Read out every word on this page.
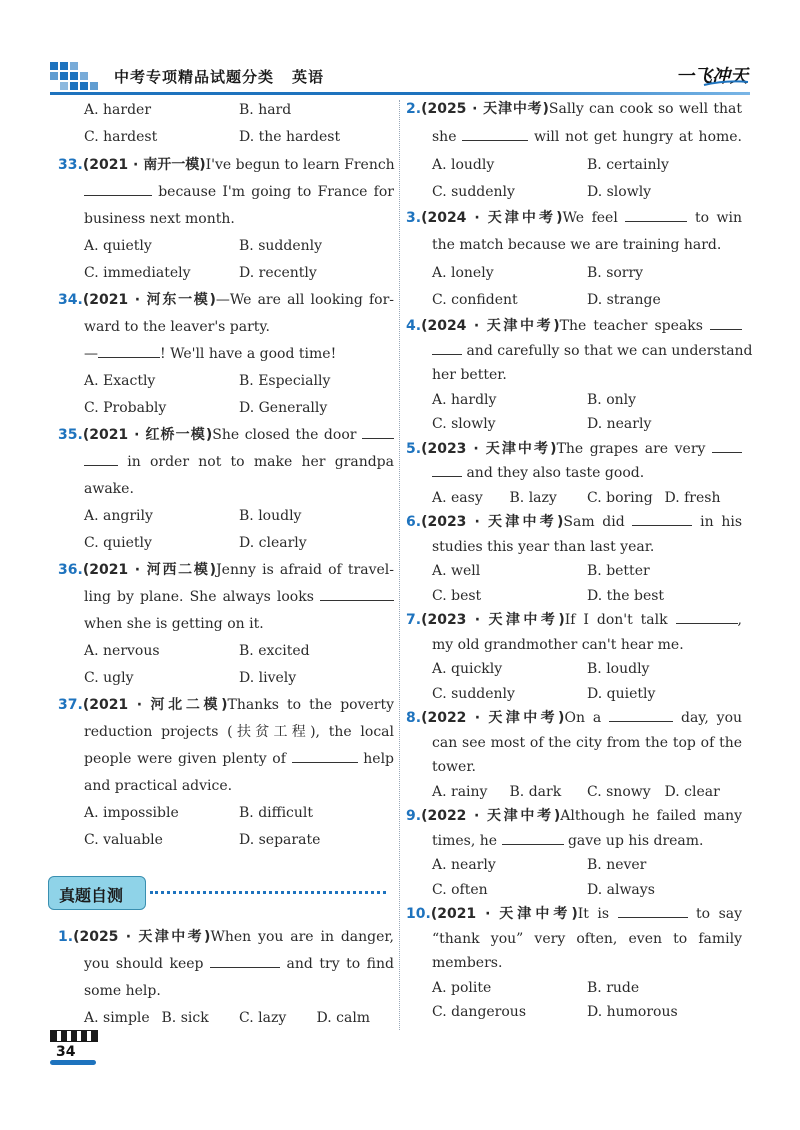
中考专项精品试题分类 英语	一飞冲天
A. harder	B. hard
C. hardest	D. the hardest
33.(2021 · 南开一模)I've begun to learn French
because I'm going to France for
business next month.
A. quietly	B. suddenly
C. immediately	D. recently
34.(2021 · 河东一模)—We are all looking for-
ward to the leaver's party.
—	! We'll have a good time!
A. Exactly	B. Especially
C. Probably	D. Generally
35.(2021 · 红桥一模)She closed the door
in order not to make her grandpa
awake.
A. angrily	B. loudly
C. quietly	D. clearly
36.(2021 · 河西二模)Jenny is afraid of travel-
ling by plane. She always looks
when she is getting on it.
A. nervous	B. excited
C. ugly	D. lively
37.(2021 · 河北二模)Thanks to the poverty
reduction projects (扶贫工程), the local
people were given plenty of	help
and practical advice.
A. impossible	B. difficult
C. valuable	D. separate
真题自测
1.(2025 · 天津中考)When you are in danger,
you should keep	and try to find
some help.
A. simple B. sick	C. lazy	D. calm
2.(2025 · 天津中考)Sally can cook so well that
she	will not get hungry at home.
A. loudly	B. certainly
C. suddenly	D. slowly
3.(2024 · 天津中考)We feel	to win
the match because we are training hard.
A. lonely	B. sorry
C. confident	D. strange
4.(2024 · 天津中考)The teacher speaks
and carefully so that we can understand
her better.
A. hardly	B. only
C. slowly	D. nearly
5.(2023 · 天津中考)The grapes are very
and they also taste good.
A. easy	B. lazy	C. boring D. fresh
6.(2023 · 天津中考)Sam did	in his
studies this year than last year.
A. well	B. better
C. best	D. the best
7.(2023 · 天津中考)If I don't talk	,
my old grandmother can't hear me.
A. quickly	B. loudly
C. suddenly	D. quietly
8.(2022 · 天津中考)On a	day, you
can see most of the city from the top of the
tower.
A. rainy	B. dark	C. snowy D. clear
9.(2022 · 天津中考)Although he failed many
times, he	gave up his dream.
A. nearly	B. never
C. often	D. always
10.(2021 · 天津中考)It is	to say
“thank you” very often, even to family
members.
A. polite	B. rude
C. dangerous	D. humorous
34
